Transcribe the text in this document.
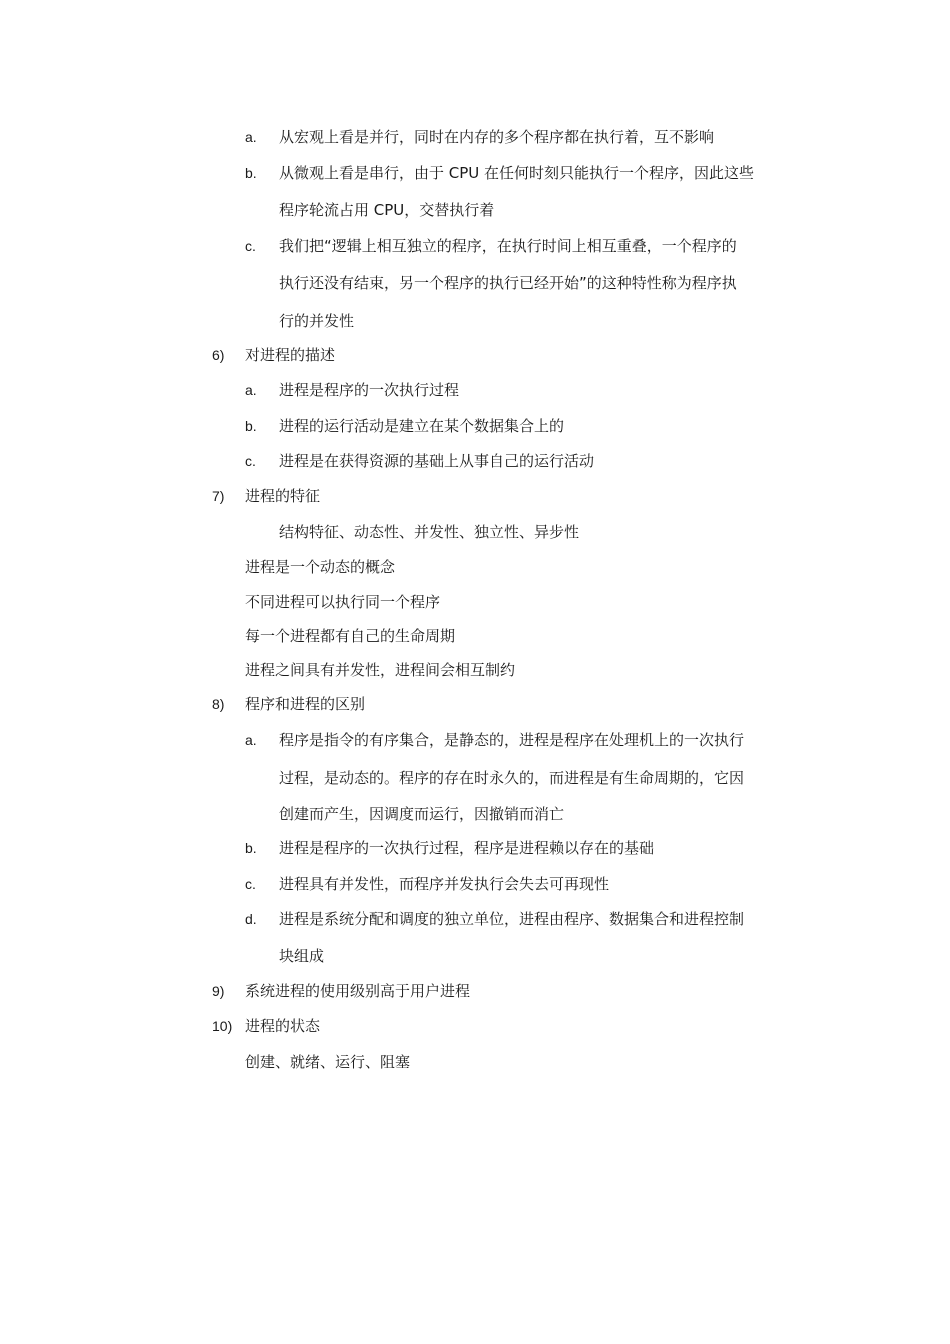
a. 从宏观上看是并行，同时在内存的多个程序都在执行着，互不影响
b. 从微观上看是串行，由于 CPU 在任何时刻只能执行一个程序，因此这些
程序轮流占用 CPU，交替执行着
c. 我们把“逻辑上相互独立的程序，在执行时间上相互重叠，一个程序的
执行还没有结束，另一个程序的执行已经开始”的这种特性称为程序执
行的并发性
6) 对进程的描述
a. 进程是程序的一次执行过程
b. 进程的运行活动是建立在某个数据集合上的
c. 进程是在获得资源的基础上从事自己的运行活动
7) 进程的特征
结构特征、动态性、并发性、独立性、异步性
进程是一个动态的概念
不同进程可以执行同一个程序
每一个进程都有自己的生命周期
进程之间具有并发性，进程间会相互制约
8) 程序和进程的区别
a. 程序是指令的有序集合，是静态的，进程是程序在处理机上的一次执行
过程，是动态的。程序的存在时永久的，而进程是有生命周期的，它因
创建而产生，因调度而运行，因撤销而消亡
b. 进程是程序的一次执行过程，程序是进程赖以存在的基础
c. 进程具有并发性，而程序并发执行会失去可再现性
d. 进程是系统分配和调度的独立单位，进程由程序、数据集合和进程控制
块组成
9) 系统进程的使用级别高于用户进程
10) 进程的状态
创建、就绪、运行、阻塞
